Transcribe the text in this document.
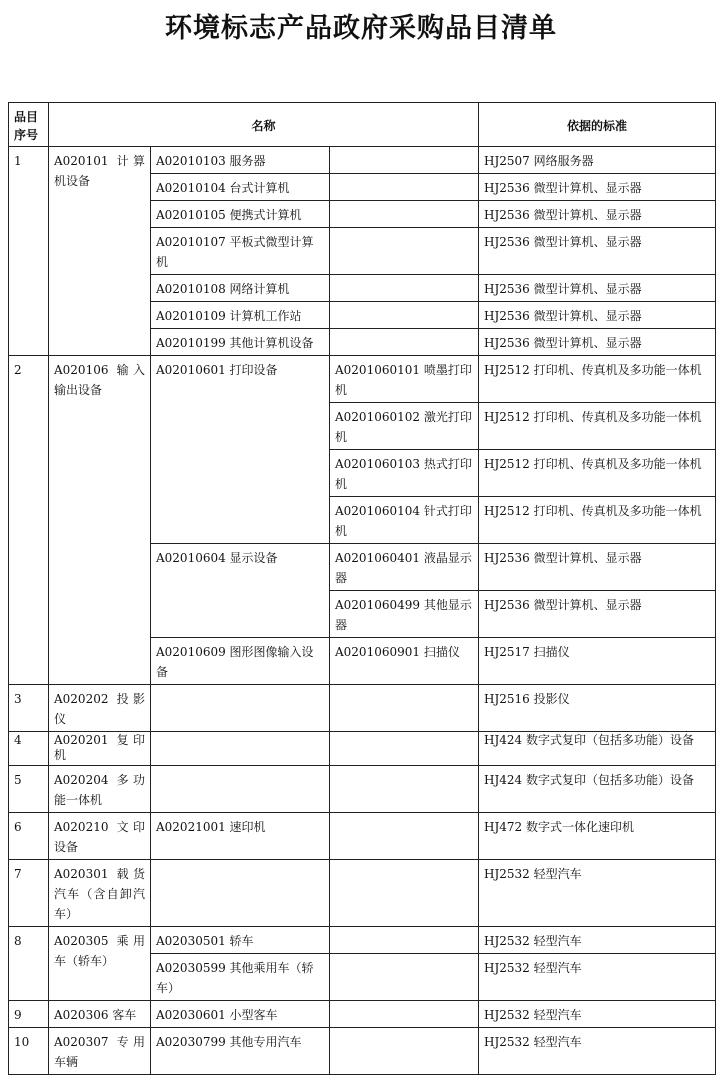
环境标志产品政府采购品目清单
品目序号	名称			依据的标准
1	A020101 计算机设备	A02010103 服务器		HJ2507 网络服务器
		A02010104 台式计算机		HJ2536 微型计算机、显示器
		A02010105 便携式计算机		HJ2536 微型计算机、显示器
		A02010107 平板式微型计算机		HJ2536 微型计算机、显示器
		A02010108 网络计算机		HJ2536 微型计算机、显示器
		A02010109 计算机工作站		HJ2536 微型计算机、显示器
		A02010199 其他计算机设备		HJ2536 微型计算机、显示器
2	A020106 输入输出设备	A02010601 打印设备	A0201060101 喷墨打印机	HJ2512 打印机、传真机及多功能一体机
			A0201060102 激光打印机	HJ2512 打印机、传真机及多功能一体机
			A0201060103 热式打印机	HJ2512 打印机、传真机及多功能一体机
			A0201060104 针式打印机	HJ2512 打印机、传真机及多功能一体机
		A02010604 显示设备	A0201060401 液晶显示器	HJ2536 微型计算机、显示器
			A0201060499 其他显示器	HJ2536 微型计算机、显示器
		A02010609 图形图像输入设备	A0201060901 扫描仪	HJ2517 扫描仪
3	A020202 投影仪			HJ2516 投影仪
4	A020201 复印机			HJ424 数字式复印（包括多功能）设备
5	A020204 多功能一体机			HJ424 数字式复印（包括多功能）设备
6	A020210 文印设备	A02021001 速印机		HJ472 数字式一体化速印机
7	A020301 载货汽车（含自卸汽车）			HJ2532 轻型汽车
8	A020305 乘用车（轿车）	A02030501 轿车		HJ2532 轻型汽车
		A02030599 其他乘用车（轿车）		HJ2532 轻型汽车
9	A020306 客车	A02030601 小型客车		HJ2532 轻型汽车
10	A020307 专用车辆	A02030799 其他专用汽车		HJ2532 轻型汽车
